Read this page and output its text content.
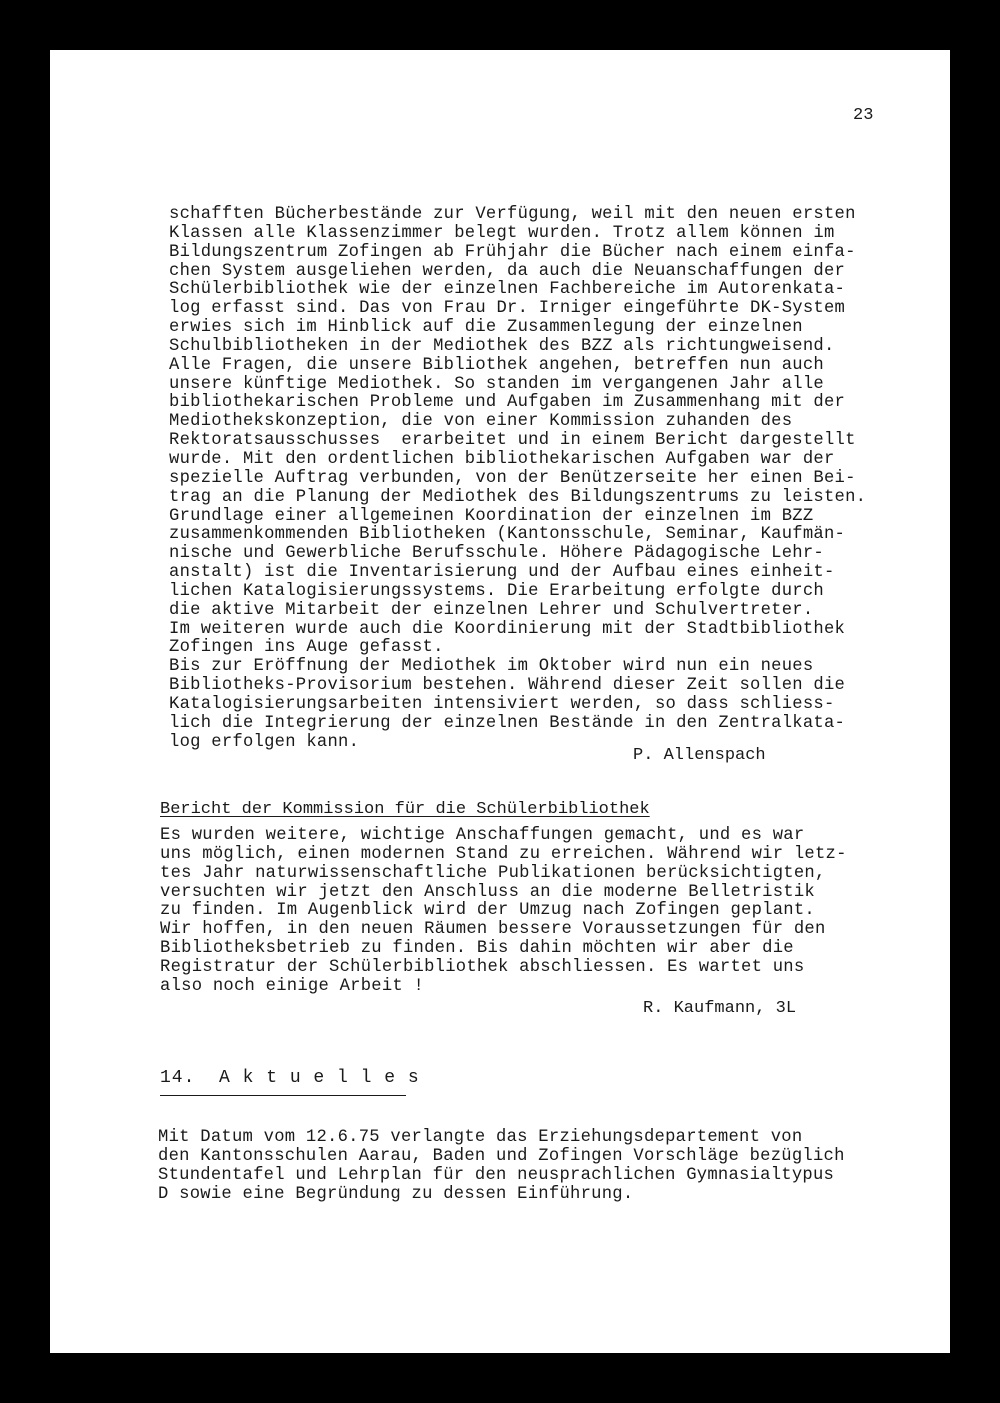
23
schafften Bücherbestände zur Verfügung, weil mit den neuen ersten
Klassen alle Klassenzimmer belegt wurden. Trotz allem können im
Bildungszentrum Zofingen ab Frühjahr die Bücher nach einem einfa-
chen System ausgeliehen werden, da auch die Neuanschaffungen der
Schülerbibliothek wie der einzelnen Fachbereiche im Autorenkata-
log erfasst sind. Das von Frau Dr. Irniger eingeführte DK-System
erwies sich im Hinblick auf die Zusammenlegung der einzelnen
Schulbibliotheken in der Mediothek des BZZ als richtungweisend.
Alle Fragen, die unsere Bibliothek angehen, betreffen nun auch
unsere künftige Mediothek. So standen im vergangenen Jahr alle
bibliothekarischen Probleme und Aufgaben im Zusammenhang mit der
Mediothekskonzeption, die von einer Kommission zuhanden des
Rektoratsausschusses  erarbeitet und in einem Bericht dargestellt
wurde. Mit den ordentlichen bibliothekarischen Aufgaben war der
spezielle Auftrag verbunden, von der Benützerseite her einen Bei-
trag an die Planung der Mediothek des Bildungszentrums zu leisten.
Grundlage einer allgemeinen Koordination der einzelnen im BZZ
zusammenkommenden Bibliotheken (Kantonsschule, Seminar, Kaufmän-
nische und Gewerbliche Berufsschule. Höhere Pädagogische Lehr-
anstalt) ist die Inventarisierung und der Aufbau eines einheit-
lichen Katalogisierungssystems. Die Erarbeitung erfolgte durch
die aktive Mitarbeit der einzelnen Lehrer und Schulvertreter.
Im weiteren wurde auch die Koordinierung mit der Stadtbibliothek
Zofingen ins Auge gefasst.
Bis zur Eröffnung der Mediothek im Oktober wird nun ein neues
Bibliotheks-Provisorium bestehen. Während dieser Zeit sollen die
Katalogisierungsarbeiten intensiviert werden, so dass schliess-
lich die Integrierung der einzelnen Bestände in den Zentralkata-
log erfolgen kann.
P. Allenspach
Bericht der Kommission für die Schülerbibliothek
Es wurden weitere, wichtige Anschaffungen gemacht, und es war
uns möglich, einen modernen Stand zu erreichen. Während wir letz-
tes Jahr naturwissenschaftliche Publikationen berücksichtigten,
versuchten wir jetzt den Anschluss an die moderne Belletristik
zu finden. Im Augenblick wird der Umzug nach Zofingen geplant.
Wir hoffen, in den neuen Räumen bessere Voraussetzungen für den
Bibliotheksbetrieb zu finden. Bis dahin möchten wir aber die
Registratur der Schülerbibliothek abschliessen. Es wartet uns
also noch einige Arbeit !
R. Kaufmann, 3L
14.  A k t u e l l e s
Mit Datum vom 12.6.75 verlangte das Erziehungsdepartement von
den Kantonsschulen Aarau, Baden und Zofingen Vorschläge bezüglich
Stundentafel und Lehrplan für den neusprachlichen Gymnasialtypus
D sowie eine Begründung zu dessen Einführung.
